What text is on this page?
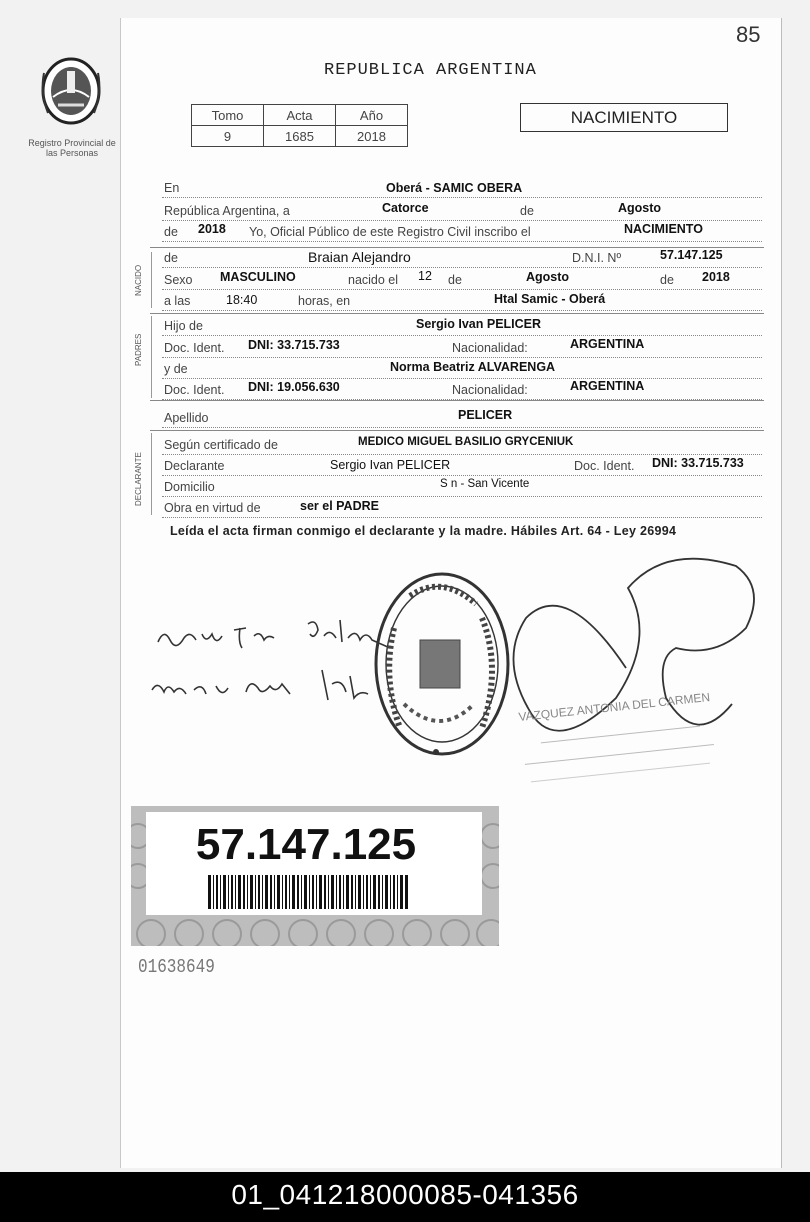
85
Registro Provincial de las Personas
REPUBLICA ARGENTINA
Tomo	Acta	Año
9	1685	2018
NACIMIENTO
En	Oberá - SAMIC OBERA
República Argentina, a	Catorce	de	Agosto
de 2018 Yo, Oficial Público de este Registro Civil inscribo el	NACIMIENTO
NACIDO
de	Braian Alejandro	D.N.I. Nº	57.147.125
Sexo MASCULINO	nacido el 12 de	Agosto	de 2018
a las	18:40	horas, en	Htal Samic - Oberá
PADRES
Hijo de	Sergio Ivan PELICER
Doc. Ident. DNI: 33.715.733	Nacionalidad:	ARGENTINA
y de	Norma Beatriz ALVARENGA
Doc. Ident. DNI: 19.056.630	Nacionalidad:	ARGENTINA
Apellido	PELICER
DECLARANTE
Según certificado de	MEDICO MIGUEL BASILIO GRYCENIUK
Declarante	Sergio Ivan PELICER	Doc. Ident. DNI: 33.715.733
Domicilio	S n - San Vicente
Obra en virtud de	ser el PADRE
Leída el acta firman conmigo el declarante y la madre. Hábiles Art. 64 - Ley 26994
VAZQUEZ ANTONIA DEL CARMEN
57.147.125
01638649
01_041218000085-041356
